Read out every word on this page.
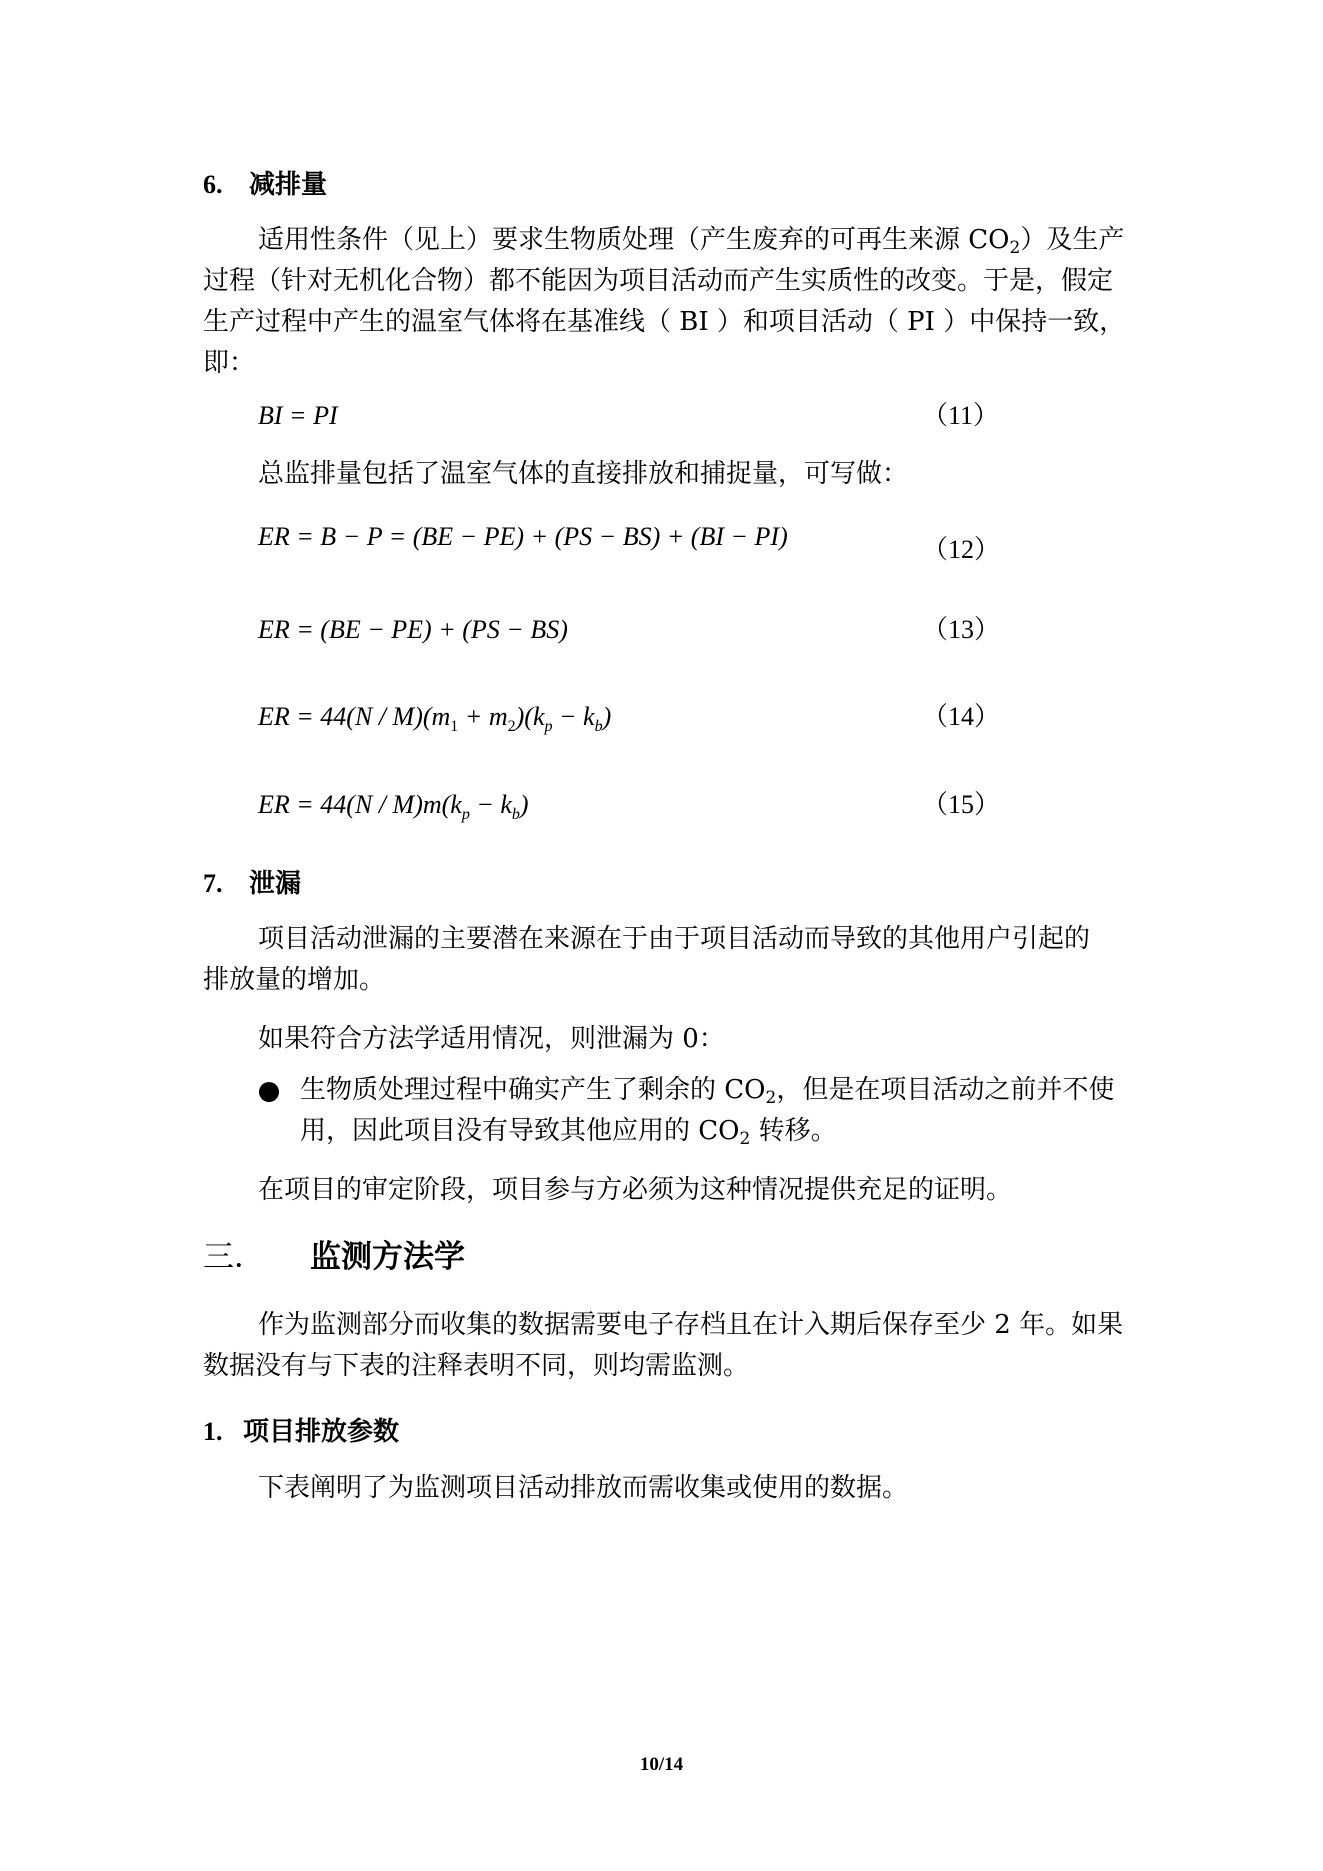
6. 减排量
适用性条件（见上）要求生物质处理（产生废弃的可再生来源 CO2）及生产
过程（针对无机化合物）都不能因为项目活动而产生实质性的改变。于是，假定
生产过程中产生的温室气体将在基准线（ BI ）和项目活动（ PI ）中保持一致，
即：
BI = PI	（11）
总监排量包括了温室气体的直接排放和捕捉量，可写做：
ER = B − P = (BE − PE) + (PS − BS) + (BI − PI)	（12）
ER = (BE − PE) + (PS − BS)	（13）
ER = $44(N / M)(m_1 + m_2)(k_p - k_b)$	（14）
ER = $44(N / M)m(k_p - k_b)$	（15）
7. 泄漏
项目活动泄漏的主要潜在来源在于由于项目活动而导致的其他用户引起的
排放量的增加。
如果符合方法学适用情况，则泄漏为 0：
生物质处理过程中确实产生了剩余的 CO2，但是在项目活动之前并不使
用，因此项目没有导致其他应用的 CO2 转移。
在项目的审定阶段，项目参与方必须为这种情况提供充足的证明。
三． 监测方法学
作为监测部分而收集的数据需要电子存档且在计入期后保存至少 2 年。如果
数据没有与下表的注释表明不同，则均需监测。
1. 项目排放参数
下表阐明了为监测项目活动排放而需收集或使用的数据。
10/14
